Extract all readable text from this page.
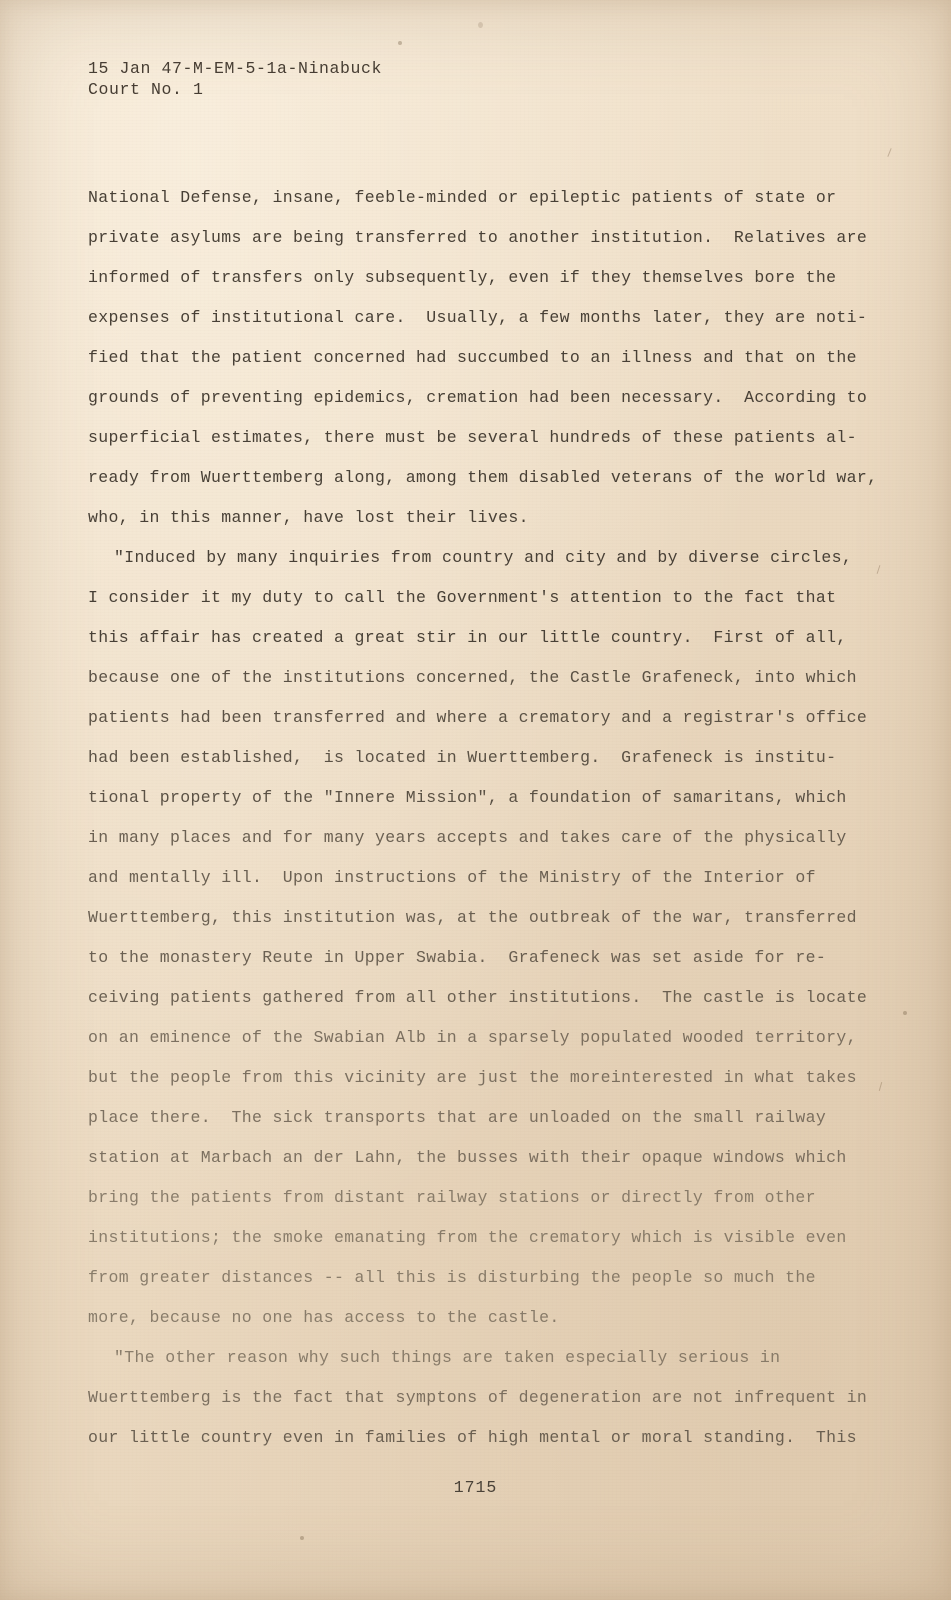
15 Jan 47-M-EM-5-1a-Ninabuck
Court No. 1
National Defense, insane, feeble-minded or epileptic patients of state or
private asylums are being transferred to another institution.  Relatives are
informed of transfers only subsequently, even if they themselves bore the
expenses of institutional care.  Usually, a few months later, they are noti-
fied that the patient concerned had succumbed to an illness and that on the
grounds of preventing epidemics, cremation had been necessary.  According to
superficial estimates, there must be several hundreds of these patients al-
ready from Wuerttemberg along, among them disabled veterans of the world war,
who, in this manner, have lost their lives.
"Induced by many inquiries from country and city and by diverse circles,
I consider it my duty to call the Government's attention to the fact that
this affair has created a great stir in our little country.  First of all,
because one of the institutions concerned, the Castle Grafeneck, into which
patients had been transferred and where a crematory and a registrar's office
had been established,  is located in Wuerttemberg.  Grafeneck is institu-
tional property of the "Innere Mission", a foundation of samaritans, which
in many places and for many years accepts and takes care of the physically
and mentally ill.  Upon instructions of the Ministry of the Interior of
Wuerttemberg, this institution was, at the outbreak of the war, transferred
to the monastery Reute in Upper Swabia.  Grafeneck was set aside for re-
ceiving patients gathered from all other institutions.  The castle is locate
on an eminence of the Swabian Alb in a sparsely populated wooded territory,
but the people from this vicinity are just the moreinterested in what takes
place there.  The sick transports that are unloaded on the small railway
station at Marbach an der Lahn, the busses with their opaque windows which
bring the patients from distant railway stations or directly from other
institutions; the smoke emanating from the crematory which is visible even
from greater distances -- all this is disturbing the people so much the
more, because no one has access to the castle.
"The other reason why such things are taken especially serious in
Wuerttemberg is the fact that symptons of degeneration are not infrequent in
our little country even in families of high mental or moral standing.  This
1715
